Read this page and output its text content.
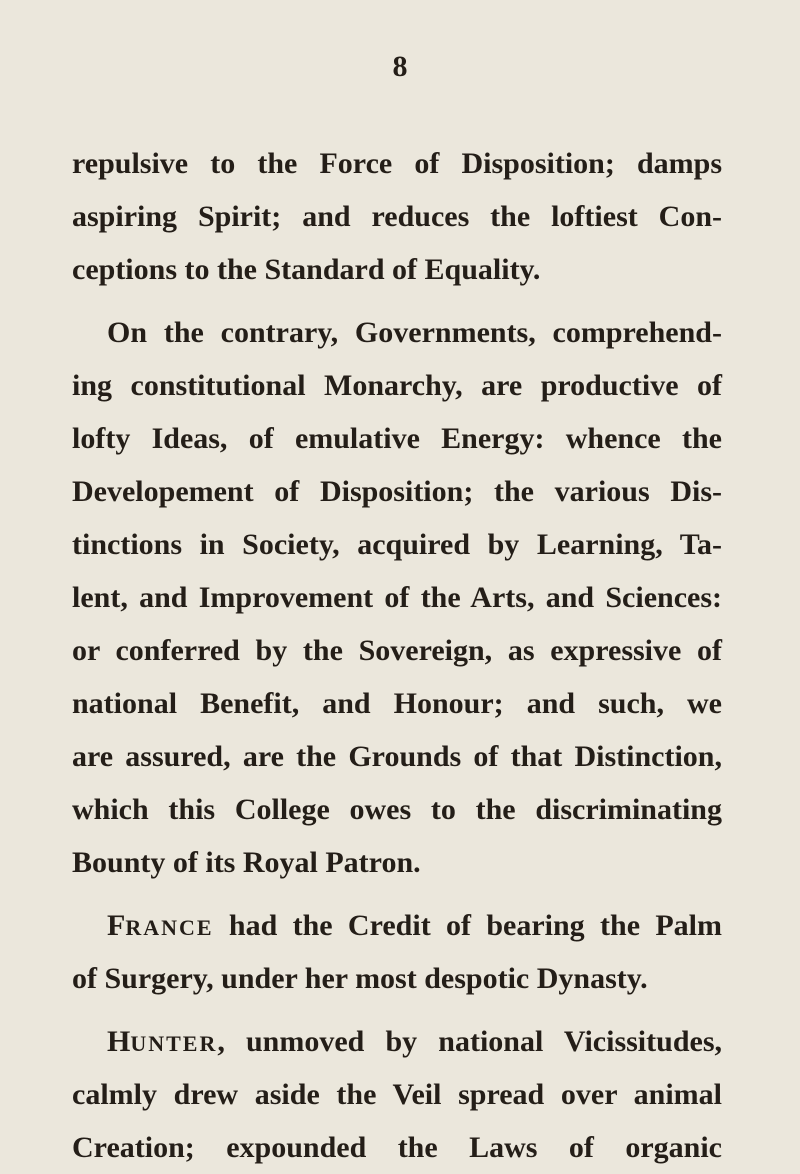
8
repulsive to the Force of Disposition; damps
aspiring Spirit; and reduces the loftiest Con-
ceptions to the Standard of Equality.
On the contrary, Governments, comprehend-
ing constitutional Monarchy, are productive of
lofty Ideas, of emulative Energy: whence the
Developement of Disposition; the various Dis-
tinctions in Society, acquired by Learning, Ta-
lent, and Improvement of the Arts, and Sciences:
or conferred by the Sovereign, as expressive of
national Benefit, and Honour; and such, we
are assured, are the Grounds of that Distinction,
which this College owes to the discriminating
Bounty of its Royal Patron.
FRANCE had the Credit of bearing the Palm
of Surgery, under her most despotic Dynasty.
HUNTER, unmoved by national Vicissitudes,
calmly drew aside the Veil spread over animal
Creation; expounded the Laws of organic
